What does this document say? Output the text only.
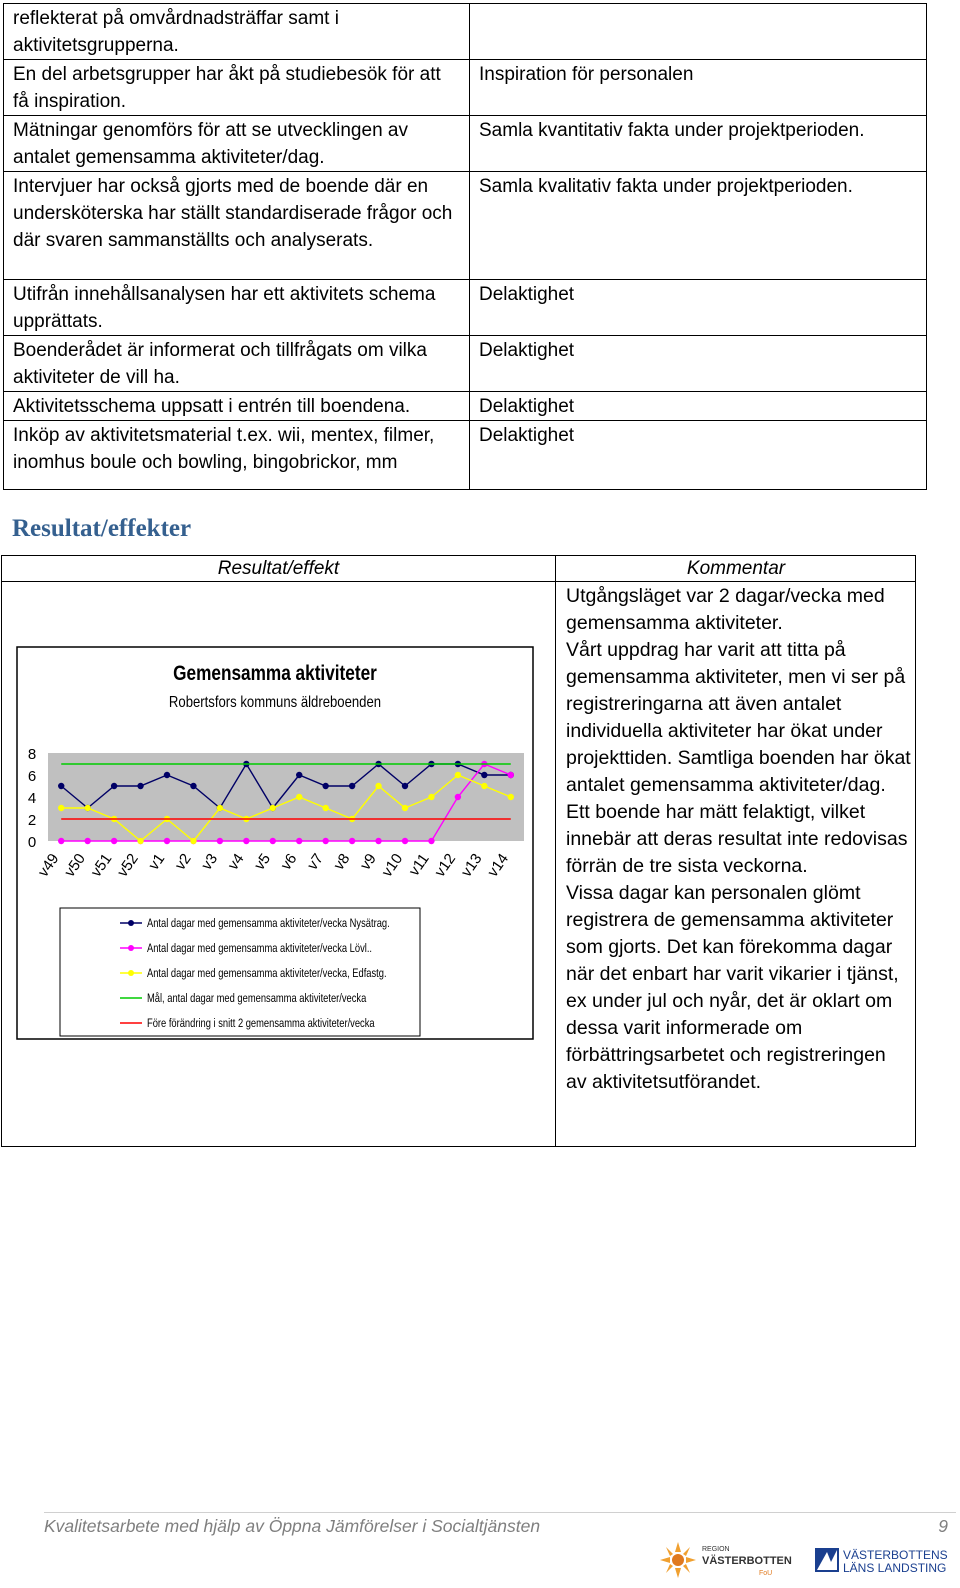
reflekterat på omvårdnadsträffar samt i aktivitetsgrupperna.	
En del arbetsgrupper har åkt på studiebesök för att få inspiration.	Inspiration för personalen
Mätningar genomförs för att se utvecklingen av antalet gemensamma aktiviteter/dag.	Samla kvantitativ fakta under projektperioden.
Intervjuer har också gjorts med de boende där en undersköterska har ställt standardiserade frågor och där svaren sammanställts och analyserats.	Samla kvalitativ fakta under projektperioden.
Utifrån innehållsanalysen har ett aktivitets schema upprättats.	Delaktighet
Boenderådet är informerat och tillfrågats om vilka aktiviteter de vill ha.	Delaktighet
Aktivitetsschema uppsatt i entrén till boendena.	Delaktighet
Inköp av aktivitetsmaterial t.ex. wii, mentex, filmer, inomhus boule och bowling, bingobrickor, mm	Delaktighet
Resultat/effekter
Resultat/effekt	Kommentar

Utgångsläget var 2 dagar/vecka med gemensamma aktiviteter.

Vårt uppdrag har varit att titta på gemensamma aktiviteter, men vi ser på registreringarna att även antalet individuella aktiviteter har ökat under projekttiden. Samtliga boenden har ökat antalet gemensamma aktiviteter/dag. Ett boende har mätt felaktigt, vilket innebär att deras resultat inte redovisas förrän de tre sista veckorna.

Vissa dagar kan personalen glömt registrera de gemensamma aktiviteter som gjorts. Det kan förekomma dagar när det enbart har varit vikarier i tjänst, ex under jul och nyår, det är oklart om dessa varit informerade om förbättringsarbetet och registreringen av aktivitetsutförandet.

Gemensamma aktiviteter
Robertsfors kommuns äldreboenden
0
2
4
6
8
v49
v50
v51
v52 v1 v2 v3 v4 v5 v6 v7 v8 v9
v10 v11
v12
v13
v14
Antal dagar med gemensamma aktiviteter/vecka Nysätrag.
Antal dagar med gemensamma aktiviteter/vecka Lövl..
Antal dagar med gemensamma aktiviteter/vecka, Edfastg.
Mål, antal dagar med gemensamma aktiviteter/vecka
Före förändring i snitt 2 gemensamma aktiviteter/vecka
Kvalitetsarbete med hjälp av Öppna Jämförelser i Socialtjänsten	9
REGION
VÄSTERBOTTEN
FoU
VÄSTERBOTTENS
LÄNS LANDSTING
